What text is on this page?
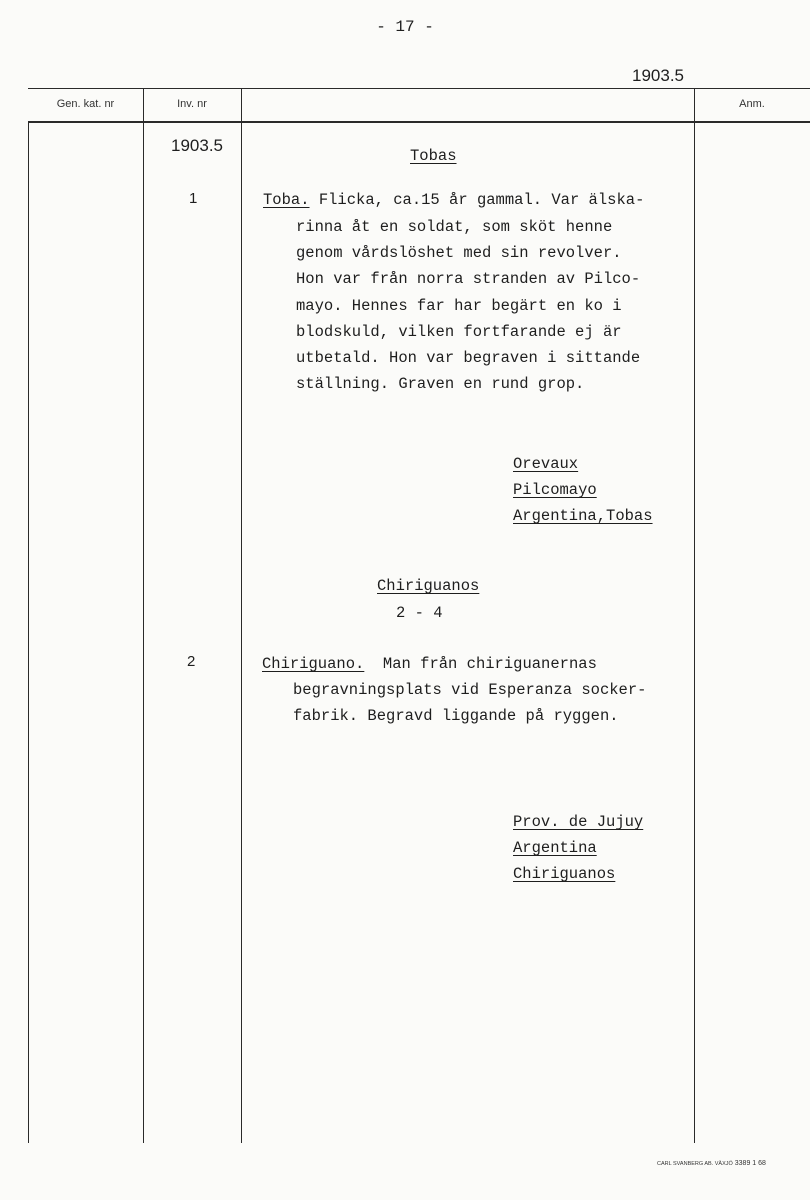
- 17 -
1903.5
Gen. kat. nr	Inv. nr	Anm.
1903.5
1
2
Tobas
Toba. Flicka, ca.15 år gammal. Var älska-
rinna åt en soldat, som sköt henne
genom vårdslöshet med sin revolver.
Hon var från norra stranden av Pilco-
mayo. Hennes far har begärt en ko i
blodskuld, vilken fortfarande ej är
utbetald. Hon var begraven i sittande
ställning. Graven en rund grop.
Orevaux
Pilcomayo
Argentina,Tobas
Chiriguanos
2 - 4
Chiriguano.  Man från chiriguanernas
begravningsplats vid Esperanza socker-
fabrik. Begravd liggande på ryggen.
Prov. de Jujuy
Argentina
Chiriguanos
CARL SVANBERG AB. VÄXJÖ 3389 1 68
